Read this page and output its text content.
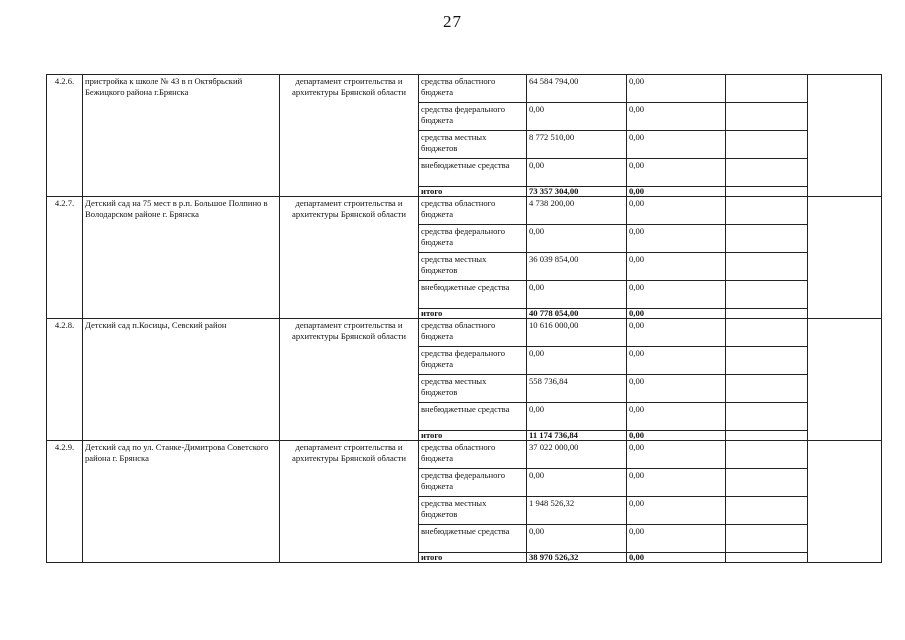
27
4.2.6.	пристройка к школе № 43 в п Октябрьский Бежицкого района г.Брянска	департамент строительства и архитектуры Брянской области	средства областного бюджета	64 584 794,00	0,00		
			средства федерального бюджета	0,00	0,00		
			средства местных бюджетов	8 772 510,00	0,00		
			внебюджетные средства	0,00	0,00		
			итого	73 357 304,00	0,00		
4.2.7.	Детский сад на 75 мест в р.п. Большое Полпино в Володарском районе г. Брянска	департамент строительства и архитектуры Брянской области	средства областного бюджета	4 738 200,00	0,00		
			средства федерального бюджета	0,00	0,00		
			средства местных бюджетов	36 039 854,00	0,00		
			внебюджетные средства	0,00	0,00		
			итого	40 778 054,00	0,00		
4.2.8.	Детский сад п.Косицы, Севский район	департамент строительства и архитектуры Брянской области	средства областного бюджета	10 616 000,00	0,00		
			средства федерального бюджета	0,00	0,00		
			средства местных бюджетов	558 736,84	0,00		
			внебюджетные средства	0,00	0,00		
			итого	11 174 736,84	0,00		
4.2.9.	Детский сад по ул. Станке-Димитрова Советского района г. Брянска	департамент строительства и архитектуры Брянской области	средства областного бюджета	37 022 000,00	0,00		
			средства федерального бюджета	0,00	0,00		
			средства местных бюджетов	1 948 526,32	0,00		
			внебюджетные средства	0,00	0,00		
			итого	38 970 526,32	0,00		
